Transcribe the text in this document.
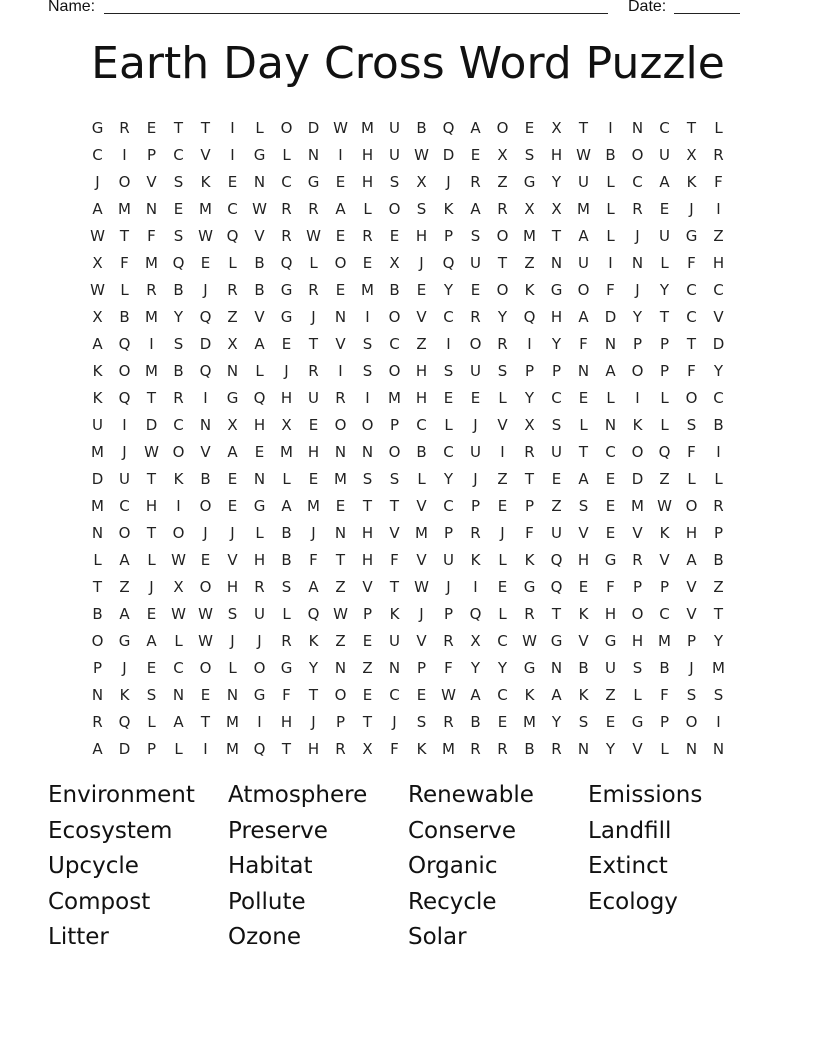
Name:	Date:
Earth Day Cross Word Puzzle
G	R	E	T	T	I	L	O	D W M	U	B	Q	A	O	E	X	T	I	N	C	T	L
C	I	P	C	V	I	G	L	N	I	H	U W D	E	X	S	H W B	O	U	X	R
J	O	V	S	K	E	N	C	G	E	H	S	X	J	R	Z	G	Y	U	L	C	A	K	F
A	M N	E	M	C W R	R	A	L	O	S	K	A	R	X	X	M	L	R	E	J	I
W T	F	S W Q	V	R W E	R	E	H	P	S	O M	T	A	L	J	U	G	Z
X	F	M Q	E	L	B	Q	L	O	E	X	J	Q	U	T	Z	N	U	I	N	L	F	H
W	L	R	B	J	R	B	G	R	E	M	B	E	Y	E	O	K	G	O	F	J	Y	C	C
X	B	M	Y	Q	Z	V	G	J	N	I	O	V	C	R	Y	Q	H	A	D	Y	T	C	V
A	Q	I	S	D	X	A	E	T	V	S	C	Z	I	O	R	I	Y	F	N	P	P	T	D
K	O M	B	Q	N	L	J	R	I	S	O	H	S	U	S	P	P	N	A	O	P	F	Y
K	Q	T	R	I	G	Q	H	U	R	I	M H	E	E	L	Y	C	E	L	I	L	O	C
U	I	D	C	N	X	H	X	E	O	O	P	C	L	J	V	X	S	L	N	K	L	S	B
M	J	W O	V	A	E	M H	N	N	O	B	C	U	I	R	U	T	C	O	Q	F	I
D	U	T	K	B	E	N	L	E	M	S	S	L	Y	J	Z	T	E	A	E	D	Z	L	L
M	C	H	I	O	E	G	A	M	E	T	T	V	C	P	E	P	Z	S	E	M W O	R
N	O	T	O	J	J	L	B	J	N	H	V	M	P	R	J	F	U	V	E	V	K	H	P
L	A	L	W E	V	H	B	F	T	H	F	V	U	K	L	K	Q	H	G	R	V	A	B
T	Z	J	X	O	H	R	S	A	Z	V	T	W	J	I	E	G	Q	E	F	P	P	V	Z
B	A	E W W S	U	L	Q W	P	K	J	P	Q	L	R	T	K	H	O	C	V	T
O	G	A	L	W	J	J	R	K	Z	E	U	V	R	X	C W G	V	G	H M	P	Y
P	J	E	C	O	L	O	G	Y	N	Z	N	P	F	Y	Y	G	N	B	U	S	B	J	M
N	K	S	N	E	N	G	F	T	O	E	C	E W A	C	K	A	K	Z	L	F	S	S
R	Q	L	A	T	M	I	H	J	P	T	J	S	R	B	E	M	Y	S	E	G	P	O	I
A	D	P	L	I	M Q	T	H	R	X	F	K	M	R	R	B	R	N	Y	V	L	N	N
Environment	Atmosphere	Renewable	Emissions
Ecosystem	Preserve	Conserve	Landfill
Upcycle	Habitat	Organic	Extinct
Compost	Pollute	Recycle	Ecology
Litter	Ozone	Solar
